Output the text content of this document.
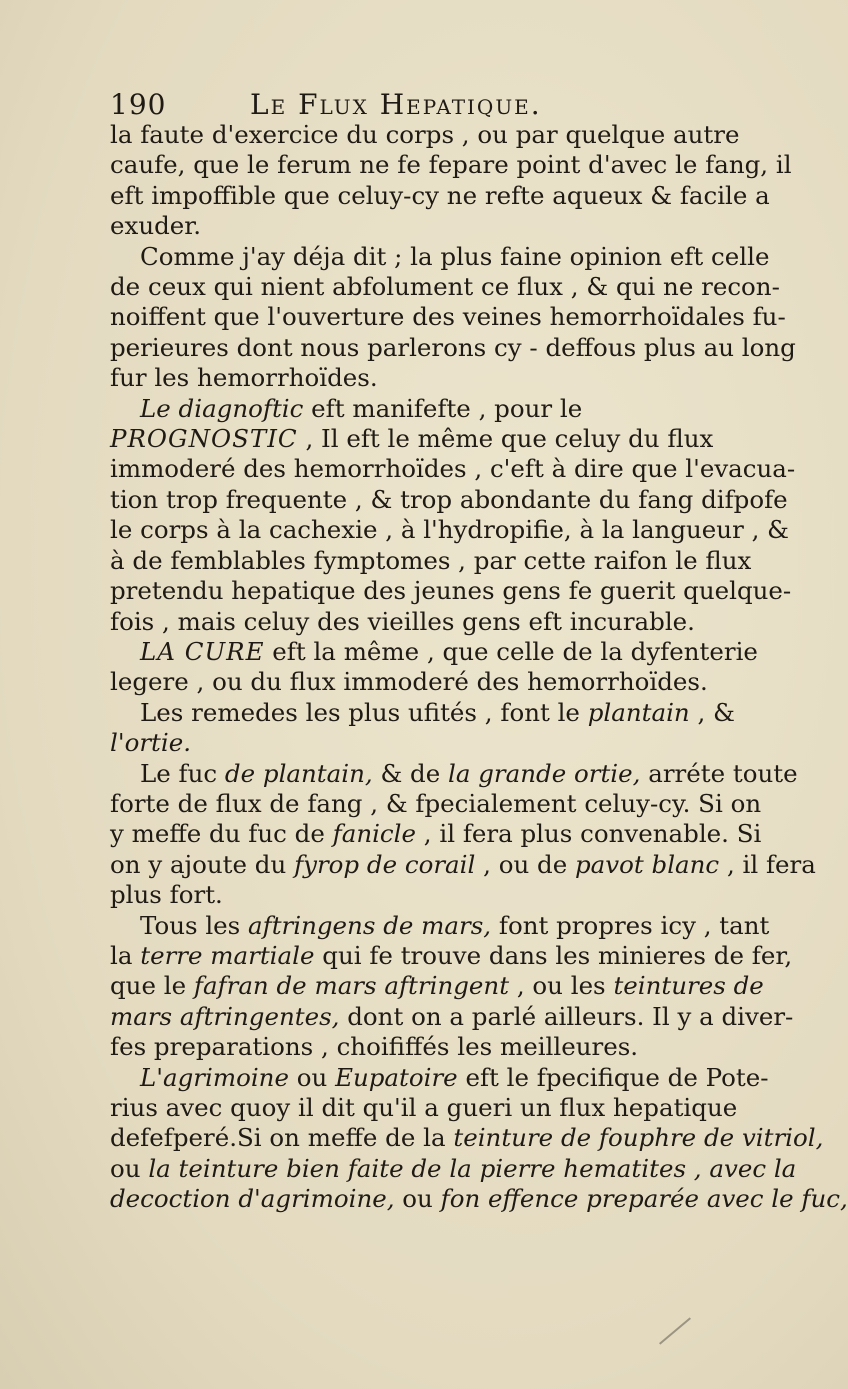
190	Le Flux Hepatique.
la faute d'exercice du corps , ou par quelque autre
caufe, que le ferum ne fe fepare point d'avec le fang, il
eft impoffible que celuy-cy ne refte aqueux & facile a
exuder.
Comme j'ay déja dit ; la plus faine opinion eft celle
de ceux qui nient abfolument ce flux , & qui ne recon-
noiffent que l'ouverture des veines hemorrhoïdales fu-
perieures dont nous parlerons cy - deffous plus au long
fur les hemorrhoïdes.
Le diagnoftic eft manifefte , pour le
PROGNOSTIC , Il eft le même que celuy du flux
immoderé des hemorrhoïdes , c'eft à dire que l'evacua-
tion trop frequente , & trop abondante du fang difpofe
le corps à la cachexie , à l'hydropifie, à la langueur , &
à de femblables fymptomes , par cette raifon le flux
pretendu hepatique des jeunes gens fe guerit quelque-
fois , mais celuy des vieilles gens eft incurable.
LA CURE eft la même , que celle de la dyfenterie
legere , ou du flux immoderé des hemorrhoïdes.
Les remedes les plus ufités , font le plantain , &
l'ortie.
Le fuc de plantain, & de la grande ortie, arréte toute
forte de flux de fang , & fpecialement celuy-cy. Si on
y meffe du fuc de fanicle , il fera plus convenable. Si
on y ajoute du fyrop de corail , ou de pavot blanc , il fera
plus fort.
Tous les aftringens de mars, font propres icy , tant
la terre martiale qui fe trouve dans les minieres de fer,
que le fafran de mars aftringent , ou les teintures de
mars aftringentes, dont on a parlé ailleurs. Il y a diver-
fes preparations , choififfés les meilleures.
L'agrimoine ou Eupatoire eft le fpecifique de Pote-
rius avec quoy il dit qu'il a gueri un flux hepatique
defefperé.Si on meffe de la teinture de fouphre de vitriol,
ou la teinture bien faite de la pierre hematites , avec la
decoction d'agrimoine, ou fon effence preparée avec le fuc,
